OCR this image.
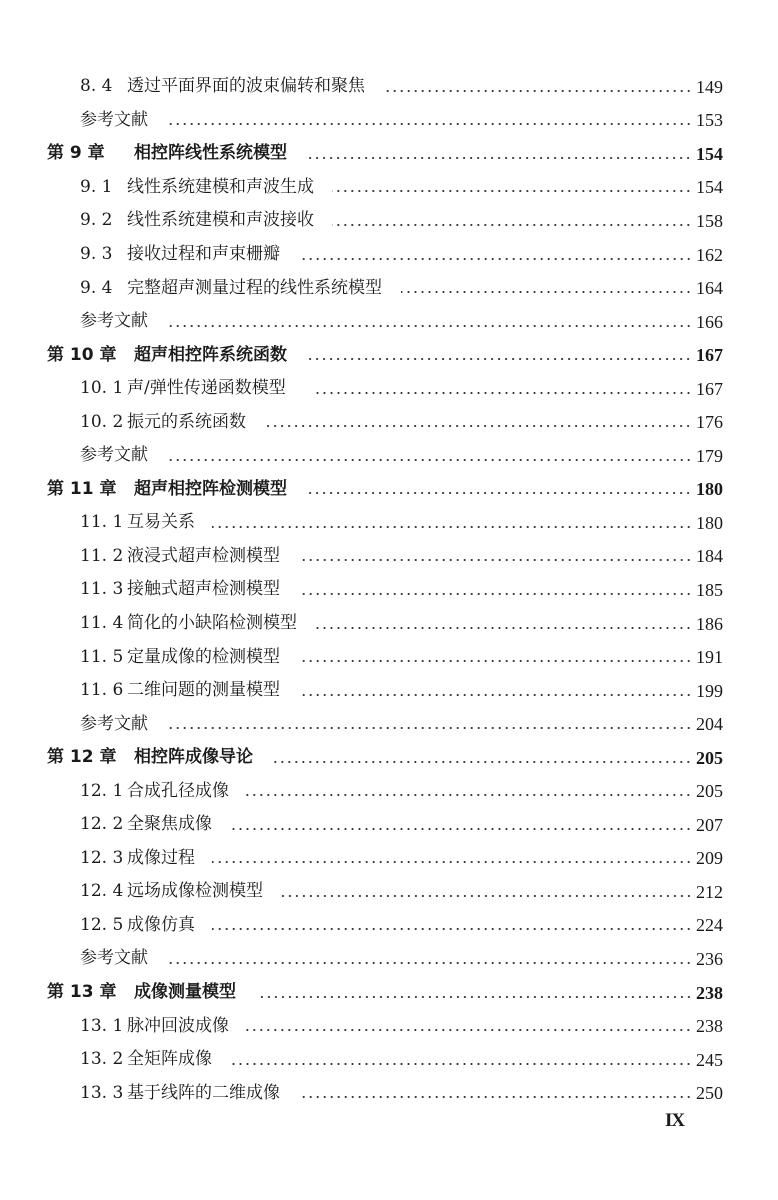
8. 4 透过平面界面的波束偏转和聚焦	149
参考文献	153
第 9 章 相控阵线性系统模型	154
9. 1 线性系统建模和声波生成	154
9. 2 线性系统建模和声波接收	158
9. 3 接收过程和声束栅瓣	162
9. 4 完整超声测量过程的线性系统模型	164
参考文献	166
第 10 章 超声相控阵系统函数	167
10. 1 声/弹性传递函数模型	167
10. 2 振元的系统函数	176
参考文献	179
第 11 章 超声相控阵检测模型	180
11. 1 互易关系	180
11. 2 液浸式超声检测模型	184
11. 3 接触式超声检测模型	185
11. 4 简化的小缺陷检测模型	186
11. 5 定量成像的检测模型	191
11. 6 二维问题的测量模型	199
参考文献	204
第 12 章 相控阵成像导论	205
12. 1 合成孔径成像	205
12. 2 全聚焦成像	207
12. 3 成像过程	209
12. 4 远场成像检测模型	212
12. 5 成像仿真	224
参考文献	236
第 13 章 成像测量模型	238
13. 1 脉冲回波成像	238
13. 2 全矩阵成像	245
13. 3 基于线阵的二维成像	250
IX
